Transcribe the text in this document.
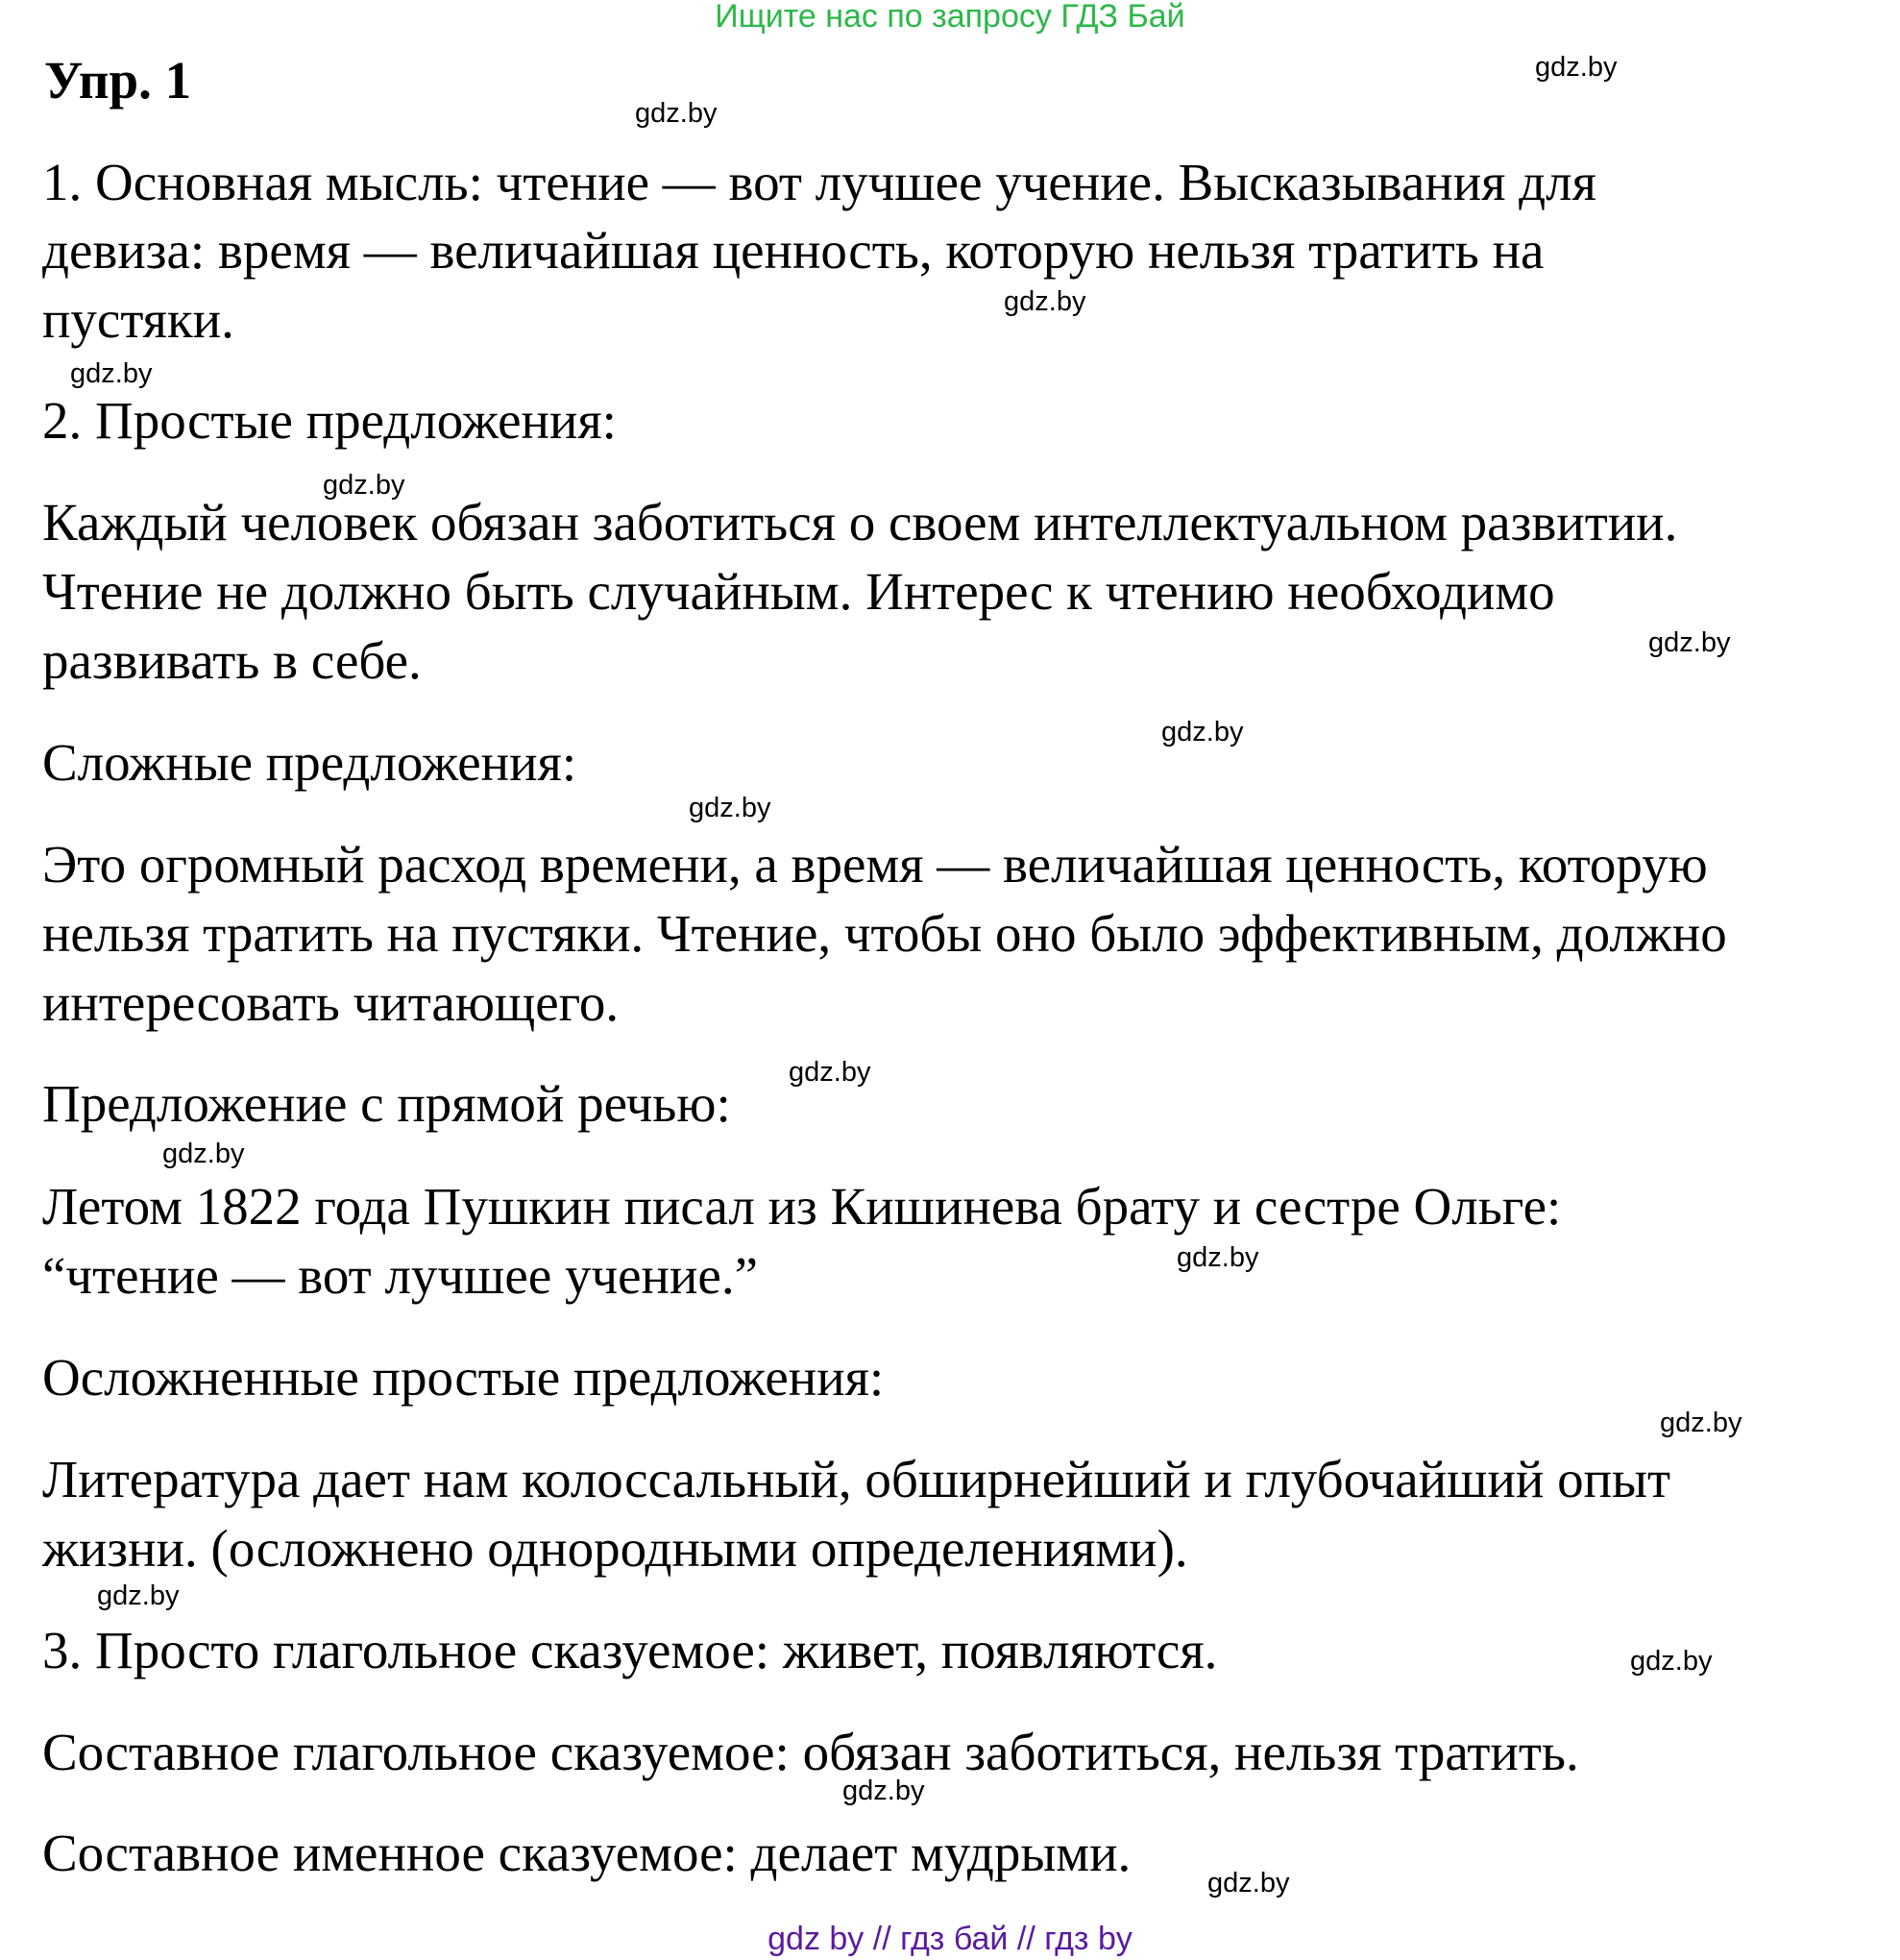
Ищите нас по запросу ГДЗ Бай
Упр. 1
1. Основная мысль: чтение — вот лучшее учение. Высказывания для
девиза: время — величайшая ценность, которую нельзя тратить на
пустяки.
2. Простые предложения:
Каждый человек обязан заботиться о своем интеллектуальном развитии.
Чтение не должно быть случайным. Интерес к чтению необходимо
развивать в себе.
Сложные предложения:
Это огромный расход времени, а время — величайшая ценность, которую
нельзя тратить на пустяки. Чтение, чтобы оно было эффективным, должно
интересовать читающего.
Предложение с прямой речью:
Летом 1822 года Пушкин писал из Кишинева брату и сестре Ольге:
“чтение — вот лучшее учение.”
Осложненные простые предложения:
Литература дает нам колоссальный, обширнейший и глубочайший опыт
жизни. (осложнено однородными определениями).
3. Просто глагольное сказуемое: живет, появляются.
Составное глагольное сказуемое: обязан заботиться, нельзя тратить.
Составное именное сказуемое: делает мудрыми.
gdz.by
gdz.by
gdz.by
gdz.by
gdz.by
gdz.by
gdz.by
gdz.by
gdz.by
gdz.by
gdz.by
gdz.by
gdz.by
gdz.by
gdz.by
gdz.by
gdz by // гдз бай // гдз by
